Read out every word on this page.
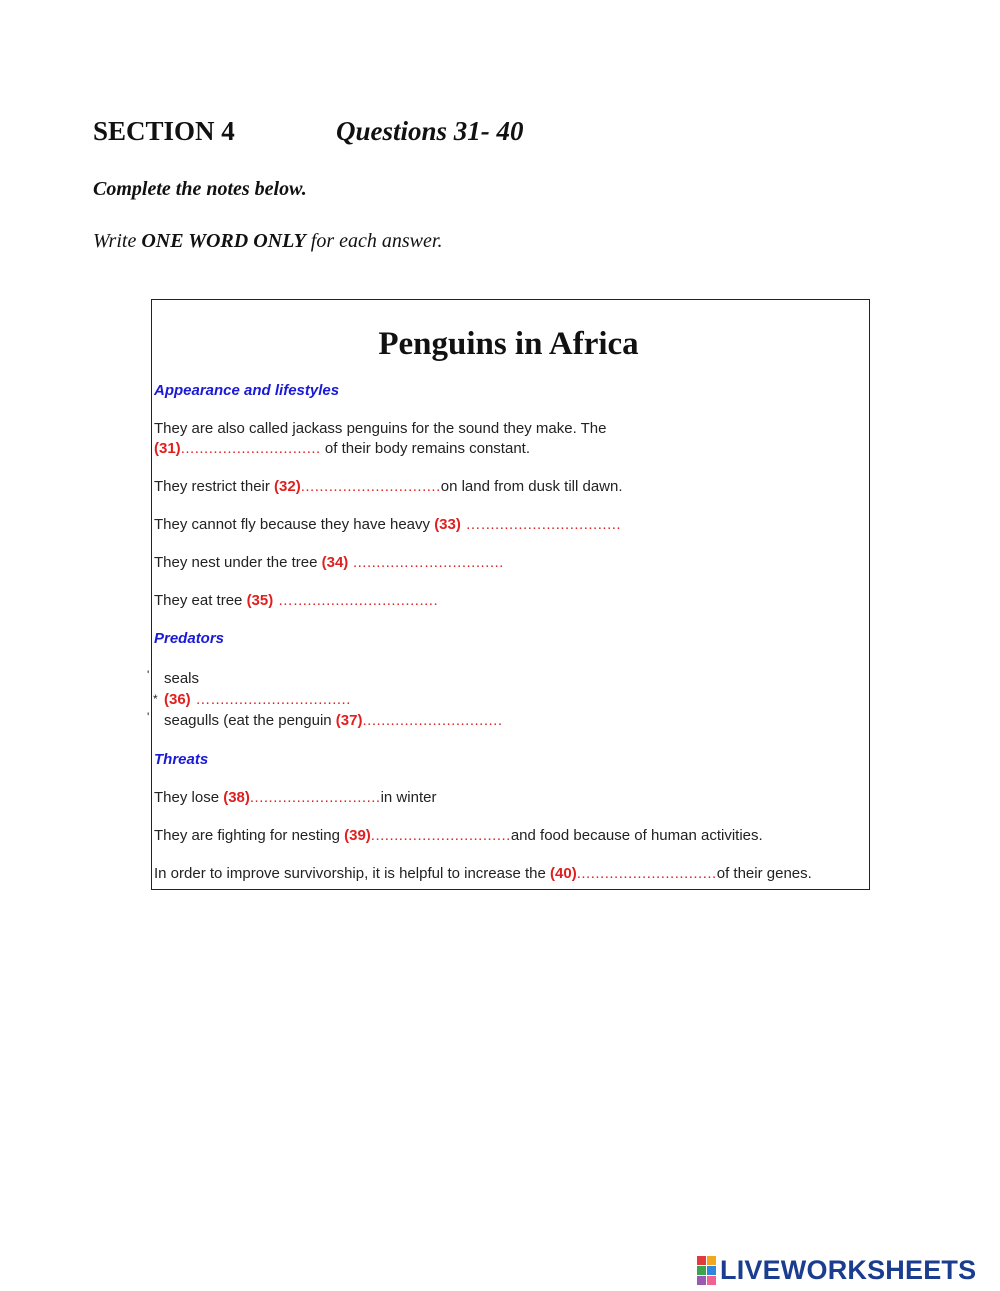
SECTION 4	Questions 31- 40
Complete the notes below.
Write ONE WORD ONLY for each answer.
Penguins in Africa
Appearance and lifestyles
They are also called jackass penguins for the sound they make. The
(31).............................. of their body remains constant.
They restrict their (32)..............................on land from dusk till dawn.
They cannot fly because they have heavy (33) …..............................
They nest under the tree (34) ............….................
They eat tree (35) …...............................
Predators
' seals
* (36) …..............................
' seagulls (eat the penguin (37)..............................
Threats
They lose (38)............................in winter
They are fighting for nesting (39)..............................and food because of human activities.
In order to improve survivorship, it is helpful to increase the (40)..............................of their genes.
LIVEWORKSHEETS
